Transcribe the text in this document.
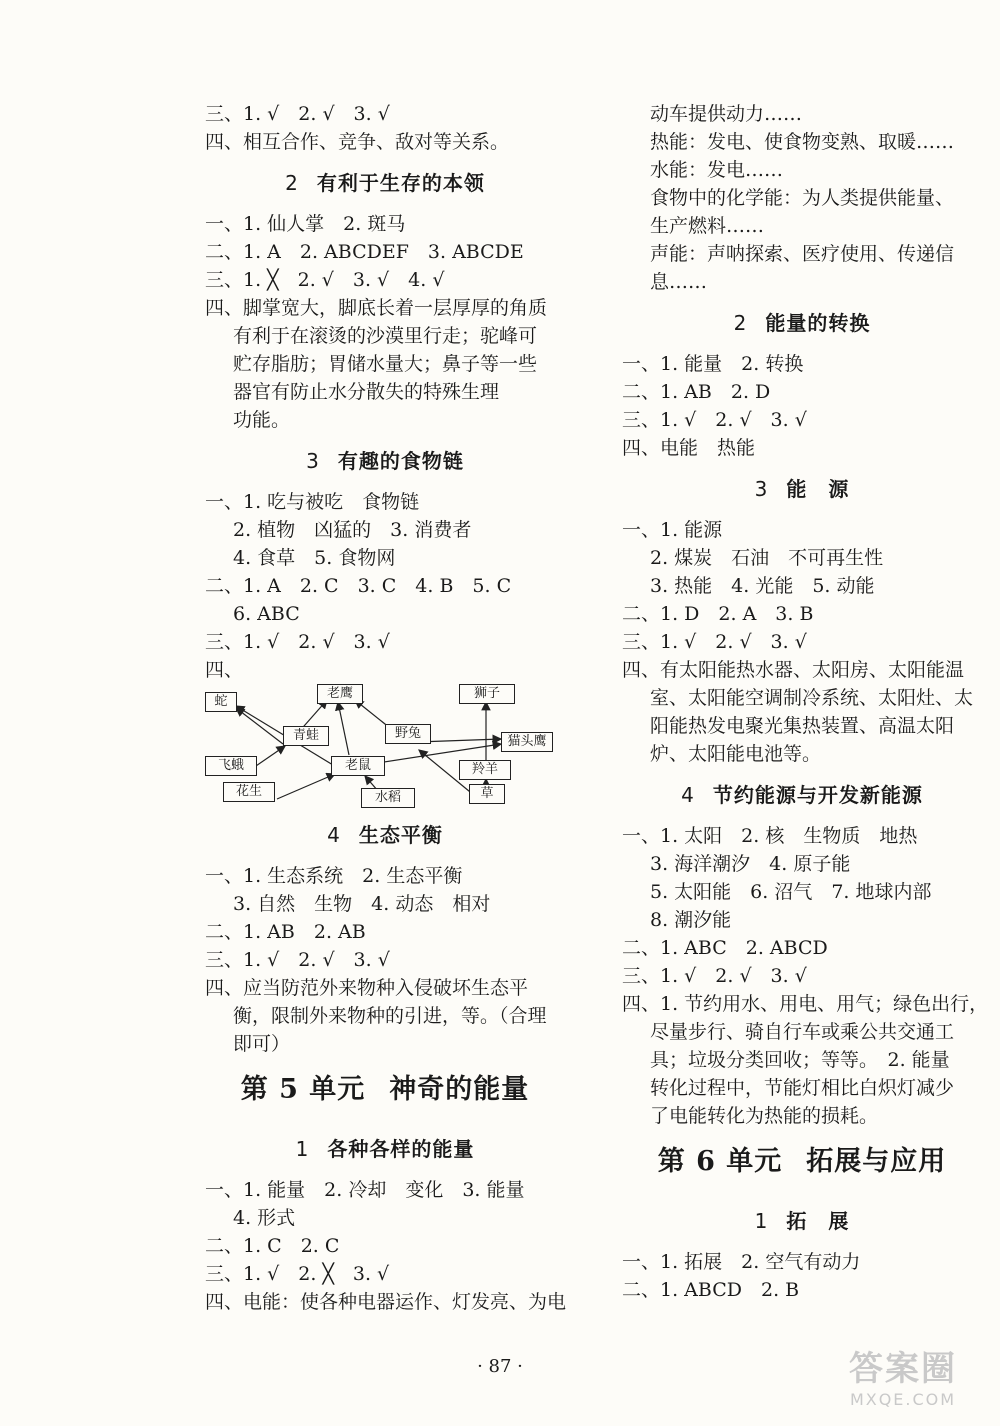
三、1. √　2. √　3. √
四、相互合作、竞争、敌对等关系。
2 有利于生存的本领
一、1. 仙人掌　2. 斑马
二、1. A　2. ABCDEF　3. ABCDE
三、1. ╳　2. √　3. √　4. √
四、脚掌宽大，脚底长着一层厚厚的角质
有利于在滚烫的沙漠里行走；驼峰可
贮存脂肪；胃储水量大；鼻子等一些
器官有防止水分散失的特殊生理
功能。
3 有趣的食物链
一、1. 吃与被吃　食物链
2. 植物　凶猛的　3. 消费者
4. 食草　5. 食物网
二、1. A　2. C　3. C　4. B　5. C
6. ABC
三、1. √　2. √　3. √
四、
蛇
老鹰	狮子
青蛙	野兔
猫头鹰
飞蛾	老鼠	羚羊
花生	水稻	草
4 生态平衡
一、1. 生态系统　2. 生态平衡
3. 自然　生物　4. 动态　相对
二、1. AB　2. AB
三、1. √　2. √　3. √
四、应当防范外来物种入侵破坏生态平
衡，限制外来物种的引进，等。（合理
即可）
第 5 单元 神奇的能量
1 各种各样的能量
一、1. 能量　2. 冷却　变化　3. 能量
4. 形式
二、1. C　2. C
三、1. √　2. ╳　3. √
四、电能：使各种电器运作、灯发亮、为电
动车提供动力……
热能：发电、使食物变熟、取暖……
水能：发电……
食物中的化学能：为人类提供能量、
生产燃料……
声能：声呐探索、医疗使用、传递信
息……
2 能量的转换
一、1. 能量　2. 转换
二、1. AB　2. D
三、1. √　2. √　3. √
四、电能　热能
3 能　源
一、1. 能源
2. 煤炭　石油　不可再生性
3. 热能　4. 光能　5. 动能
二、1. D　2. A　3. B
三、1. √　2. √　3. √
四、有太阳能热水器、太阳房、太阳能温
室、太阳能空调制冷系统、太阳灶、太
阳能热发电聚光集热装置、高温太阳
炉、太阳能电池等。
4 节约能源与开发新能源
一、1. 太阳　2. 核　生物质　地热
3. 海洋潮汐　4. 原子能
5. 太阳能　6. 沼气　7. 地球内部
8. 潮汐能
二、1. ABC　2. ABCD
三、1. √　2. √　3. √
四、1. 节约用水、用电、用气；绿色出行，
尽量步行、骑自行车或乘公共交通工
具；垃圾分类回收；等等。　2. 能量
转化过程中，节能灯相比白炽灯减少
了电能转化为热能的损耗。
第 6 单元 拓展与应用
1 拓　展
一、1. 拓展　2. 空气有动力
二、1. ABCD　2. B
· 87 ·	答案圈
MXQE.COM
